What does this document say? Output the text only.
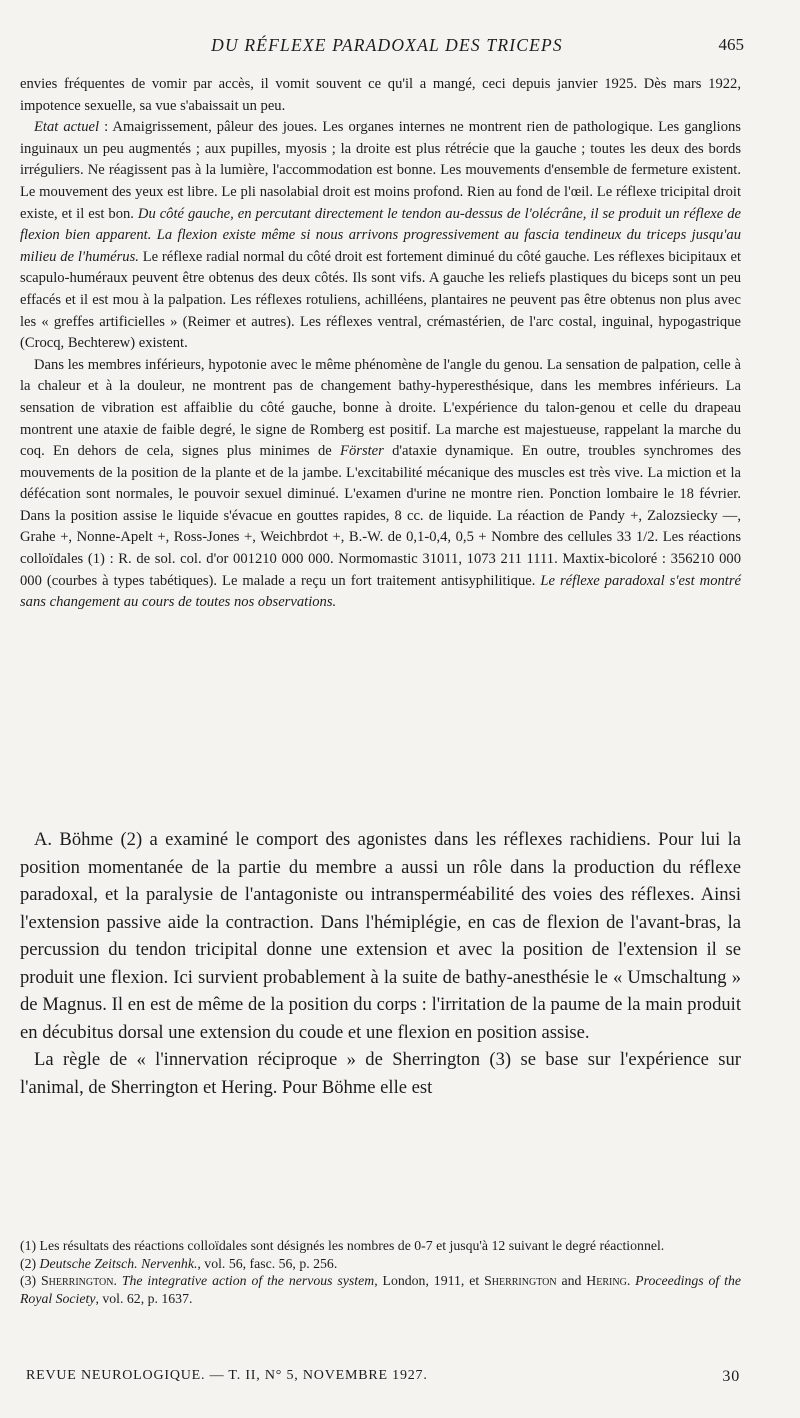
DU RÉFLEXE PARADOXAL DES TRICEPS	465

envies fréquentes de vomir par accès, il vomit souvent ce qu'il a mangé, ceci depuis janvier 1925. Dès mars 1922, impotence sexuelle, sa vue s'abaissait un peu.

Etat actuel : Amaigrissement, pâleur des joues. Les organes internes ne montrent rien de pathologique. Les ganglions inguinaux un peu augmentés ; aux pupilles, myosis ; la droite est plus rétrécie que la gauche ; toutes les deux des bords irréguliers. Ne réagissent pas à la lumière, l'accommodation est bonne. Les mouvements d'ensemble de fermeture existent. Le mouvement des yeux est libre. Le pli nasolabial droit est moins profond. Rien au fond de l'œil. Le réflexe tricipital droit existe, et il est bon. Du côté gauche, en percutant directement le tendon au-dessus de l'olécrâne, il se produit un réflexe de flexion bien apparent. La flexion existe même si nous arrivons progressivement au fascia tendineux du triceps jusqu'au milieu de l'humérus. Le réflexe radial normal du côté droit est fortement diminué du côté gauche. Les réflexes bicipitaux et scapulo-huméraux peuvent être obtenus des deux côtés. Ils sont vifs. A gauche les reliefs plastiques du biceps sont un peu effacés et il est mou à la palpation. Les réflexes rotuliens, achilléens, plantaires ne peuvent pas être obtenus non plus avec les « greffes artificielles » (Reimer et autres). Les réflexes ventral, crémastérien, de l'arc costal, inguinal, hypogastrique (Crocq, Bechterew) existent.

Dans les membres inférieurs, hypotonie avec le même phénomène de l'angle du genou. La sensation de palpation, celle à la chaleur et à la douleur, ne montrent pas de changement bathy-hyperesthésique, dans les membres inférieurs. La sensation de vibration est affaiblie du côté gauche, bonne à droite. L'expérience du talon-genou et celle du drapeau montrent une ataxie de faible degré, le signe de Romberg est positif. La marche est majestueuse, rappelant la marche du coq. En dehors de cela, signes plus minimes de Förster d'ataxie dynamique. En outre, troubles synchromes des mouvements de la position de la plante et de la jambe. L'excitabilité mécanique des muscles est très vive. La miction et la défécation sont normales, le pouvoir sexuel diminué. L'examen d'urine ne montre rien. Ponction lombaire le 18 février. Dans la position assise le liquide s'évacue en gouttes rapides, 8 cc. de liquide. La réaction de Pandy +, Zalozsiecky —, Grahe +, Nonne-Apelt +, Ross-Jones +, Weichbrdot +, B.-W. de 0,1-0,4, 0,5 + Nombre des cellules 33 1/2. Les réactions colloïdales (1) : R. de sol. col. d'or 001210 000 000. Normomastic 31011, 1073 211 1111. Maxtix-bicoloré : 356210 000 000 (courbes à types tabétiques). Le malade a reçu un fort traitement antisyphilitique. Le réflexe paradoxal s'est montré sans changement au cours de toutes nos observations.

A. Böhme (2) a examiné le comport des agonistes dans les réflexes rachidiens. Pour lui la position momentanée de la partie du membre a aussi un rôle dans la production du réflexe paradoxal, et la paralysie de l'antagoniste ou intransperméabilité des voies des réflexes. Ainsi l'extension passive aide la contraction. Dans l'hémiplégie, en cas de flexion de l'avant-bras, la percussion du tendon tricipital donne une extension et avec la position de l'extension il se produit une flexion. Ici survient probablement à la suite de bathy-anesthésie le « Umschaltung » de Magnus. Il en est de même de la position du corps : l'irritation de la paume de la main produit en décubitus dorsal une extension du coude et une flexion en position assise.

La règle de « l'innervation réciproque » de Sherrington (3) se base sur l'expérience sur l'animal, de Sherrington et Hering. Pour Böhme elle est

(1) Les résultats des réactions colloïdales sont désignés les nombres de 0-7 et jusqu'à 12 suivant le degré réactionnel.

(2) Deutsche Zeitsch. Nervenhk., vol. 56, fasc. 56, p. 256.

(3) Sherrington. The integrative action of the nervous system, London, 1911, et Sherrington and Hering. Proceedings of the Royal Society, vol. 62, p. 1637.

REVUE NEUROLOGIQUE. — T. II, N° 5, NOVEMBRE 1927.	30
